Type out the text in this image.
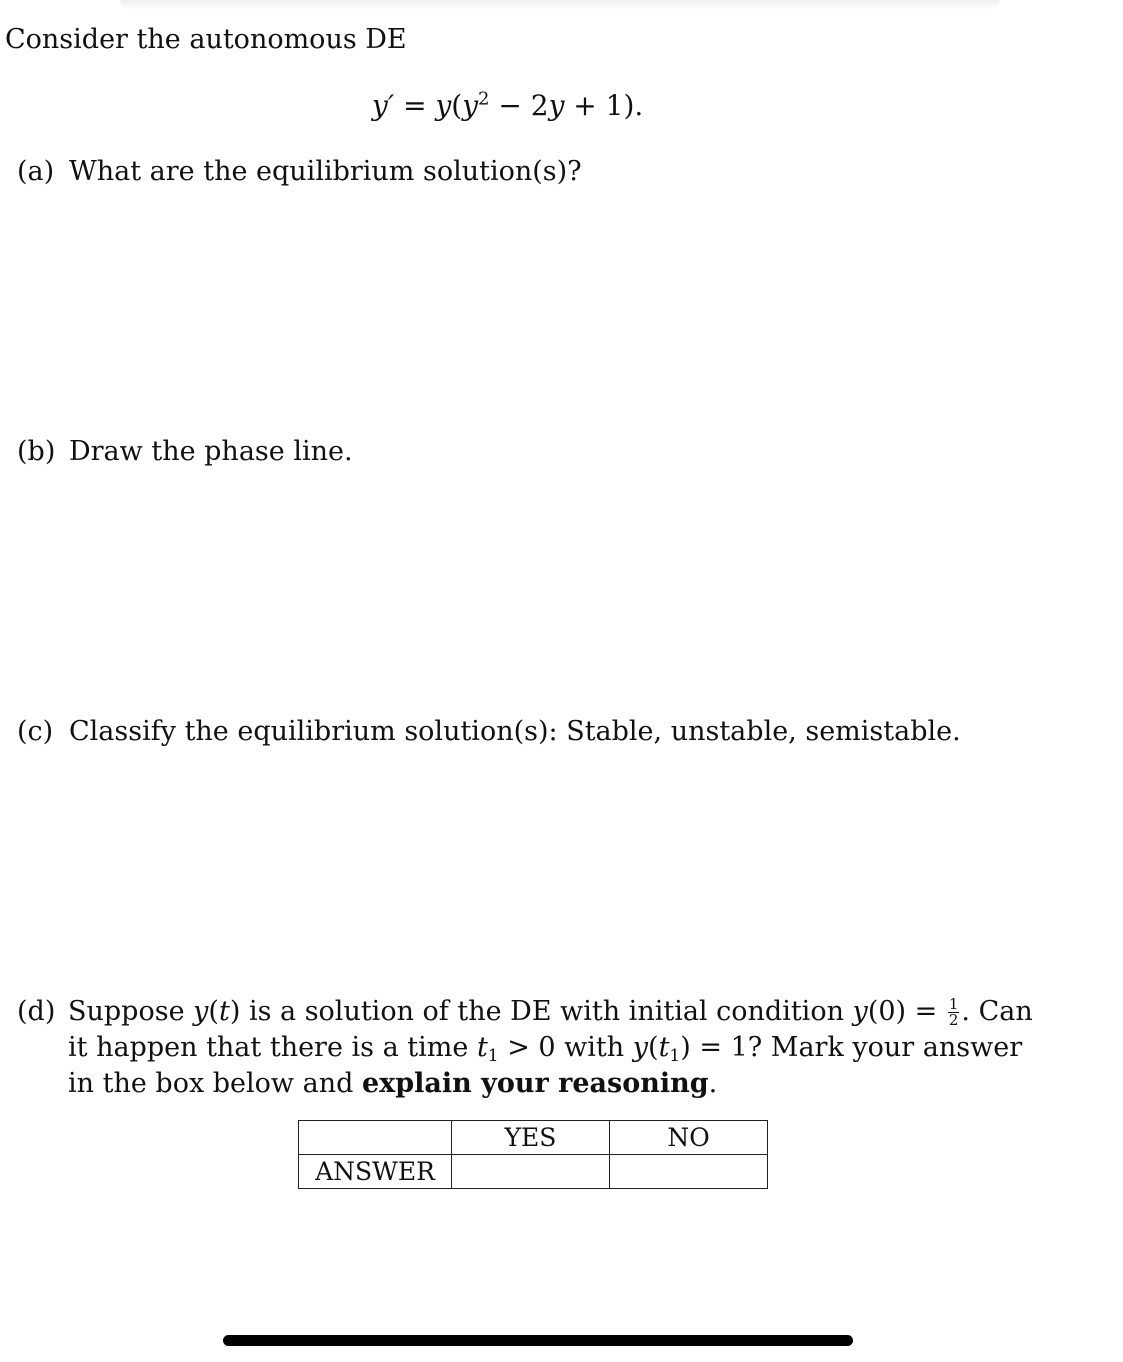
Consider the autonomous DE
$y' = y(y^2 - 2y + 1)$.
(a) What are the equilibrium solution(s)?
(b) Draw the phase line.
(c) Classify the equilibrium solution(s): Stable, unstable, semistable.
(d) Suppose y(t) is a solution of the DE with initial condition $y(0) = \frac{1}{2}$ . Can
it happen that there is a time $t_1 > 0$ with $y(t_1) = 1$? Mark your answer
in the box below and explain your reasoning.
	YES	NO
ANSWER		
